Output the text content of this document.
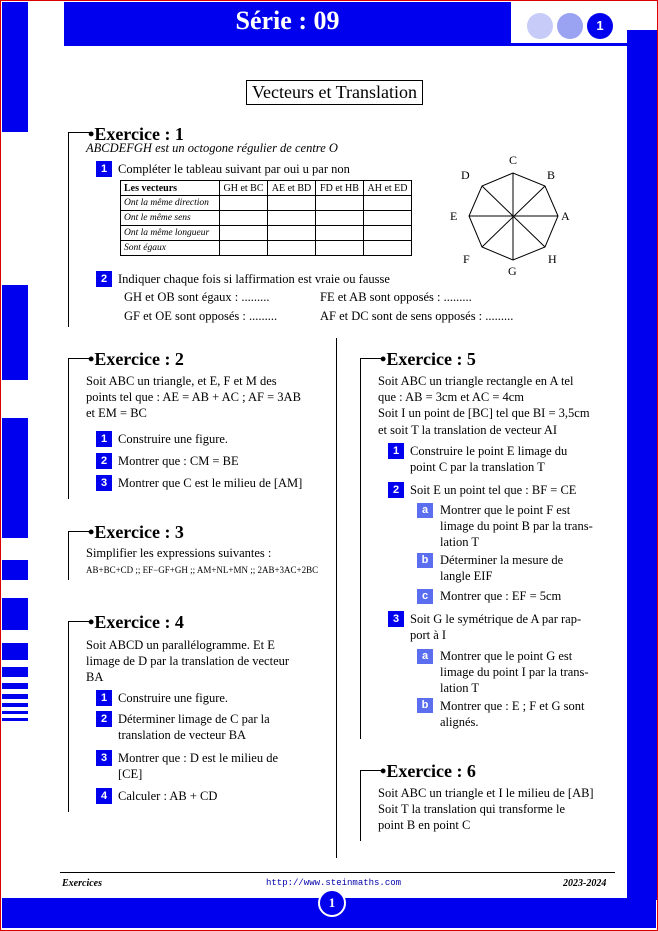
Série : 09	1
Vecteurs et Translation
•Exercice : 1
ABCDEFGH est un octogone régulier de centre O
1 Compléter le tableau suivant par oui u par non
Les vecteurs	GH et BC	AE et BD	FD et HB	AH et ED
Ont la même direction				
Ont le même sens				
Ont la même longueur				
Sont égaux				
A
B
C
D
E
F
G
H
2 Indiquer chaque fois si laffirmation est vraie ou fausse
GH et OB sont égaux : .........	FE et AB sont opposés : .........
GF et OE sont opposés : .........	AF et DC sont de sens opposés : .........
•Exercice : 2
Soit ABC un triangle, et E, F et M des
points tel que : AE = AB + AC ; AF = 3AB
et EM = BC
1 Construire une figure.
2 Montrer que : CM = BE
3 Montrer que C est le milieu de [AM]
•Exercice : 3
Simplifier les expressions suivantes :
AB+BC+CD ;; EF−GF+GH ;; AM+NL+MN ;; 2AB+3AC+2BC
•Exercice : 4
Soit ABCD un parallélogramme. Et E
limage de D par la translation de vecteur
BA
1 Construire une figure.
2 Déterminer limage de C par la
translation de vecteur BA
3 Montrer que : D est le milieu de
[CE]
4 Calculer : AB + CD
•Exercice : 5
Soit ABC un triangle rectangle en A tel
que : AB = 3cm et AC = 4cm
Soit I un point de [BC] tel que BI = 3,5cm
et soit T la translation de vecteur AI
1 Construire le point E limage du
point C par la translation T
2 Soit E un point tel que : BF = CE
a Montrer que le point F est
limage du point B par la trans-
lation T
b Déterminer la mesure de
langle EIF
c Montrer que : EF = 5cm
3 Soit G le symétrique de A par rap-
port à I
a Montrer que le point G est
limage du point I par la trans-
lation T
b Montrer que : E ; F et G sont
alignés.
•Exercice : 6
Soit ABC un triangle et I le milieu de [AB]
Soit T la translation qui transforme le
point B en point C
Exercices	http://www.steinmaths.com	2023-2024
1
